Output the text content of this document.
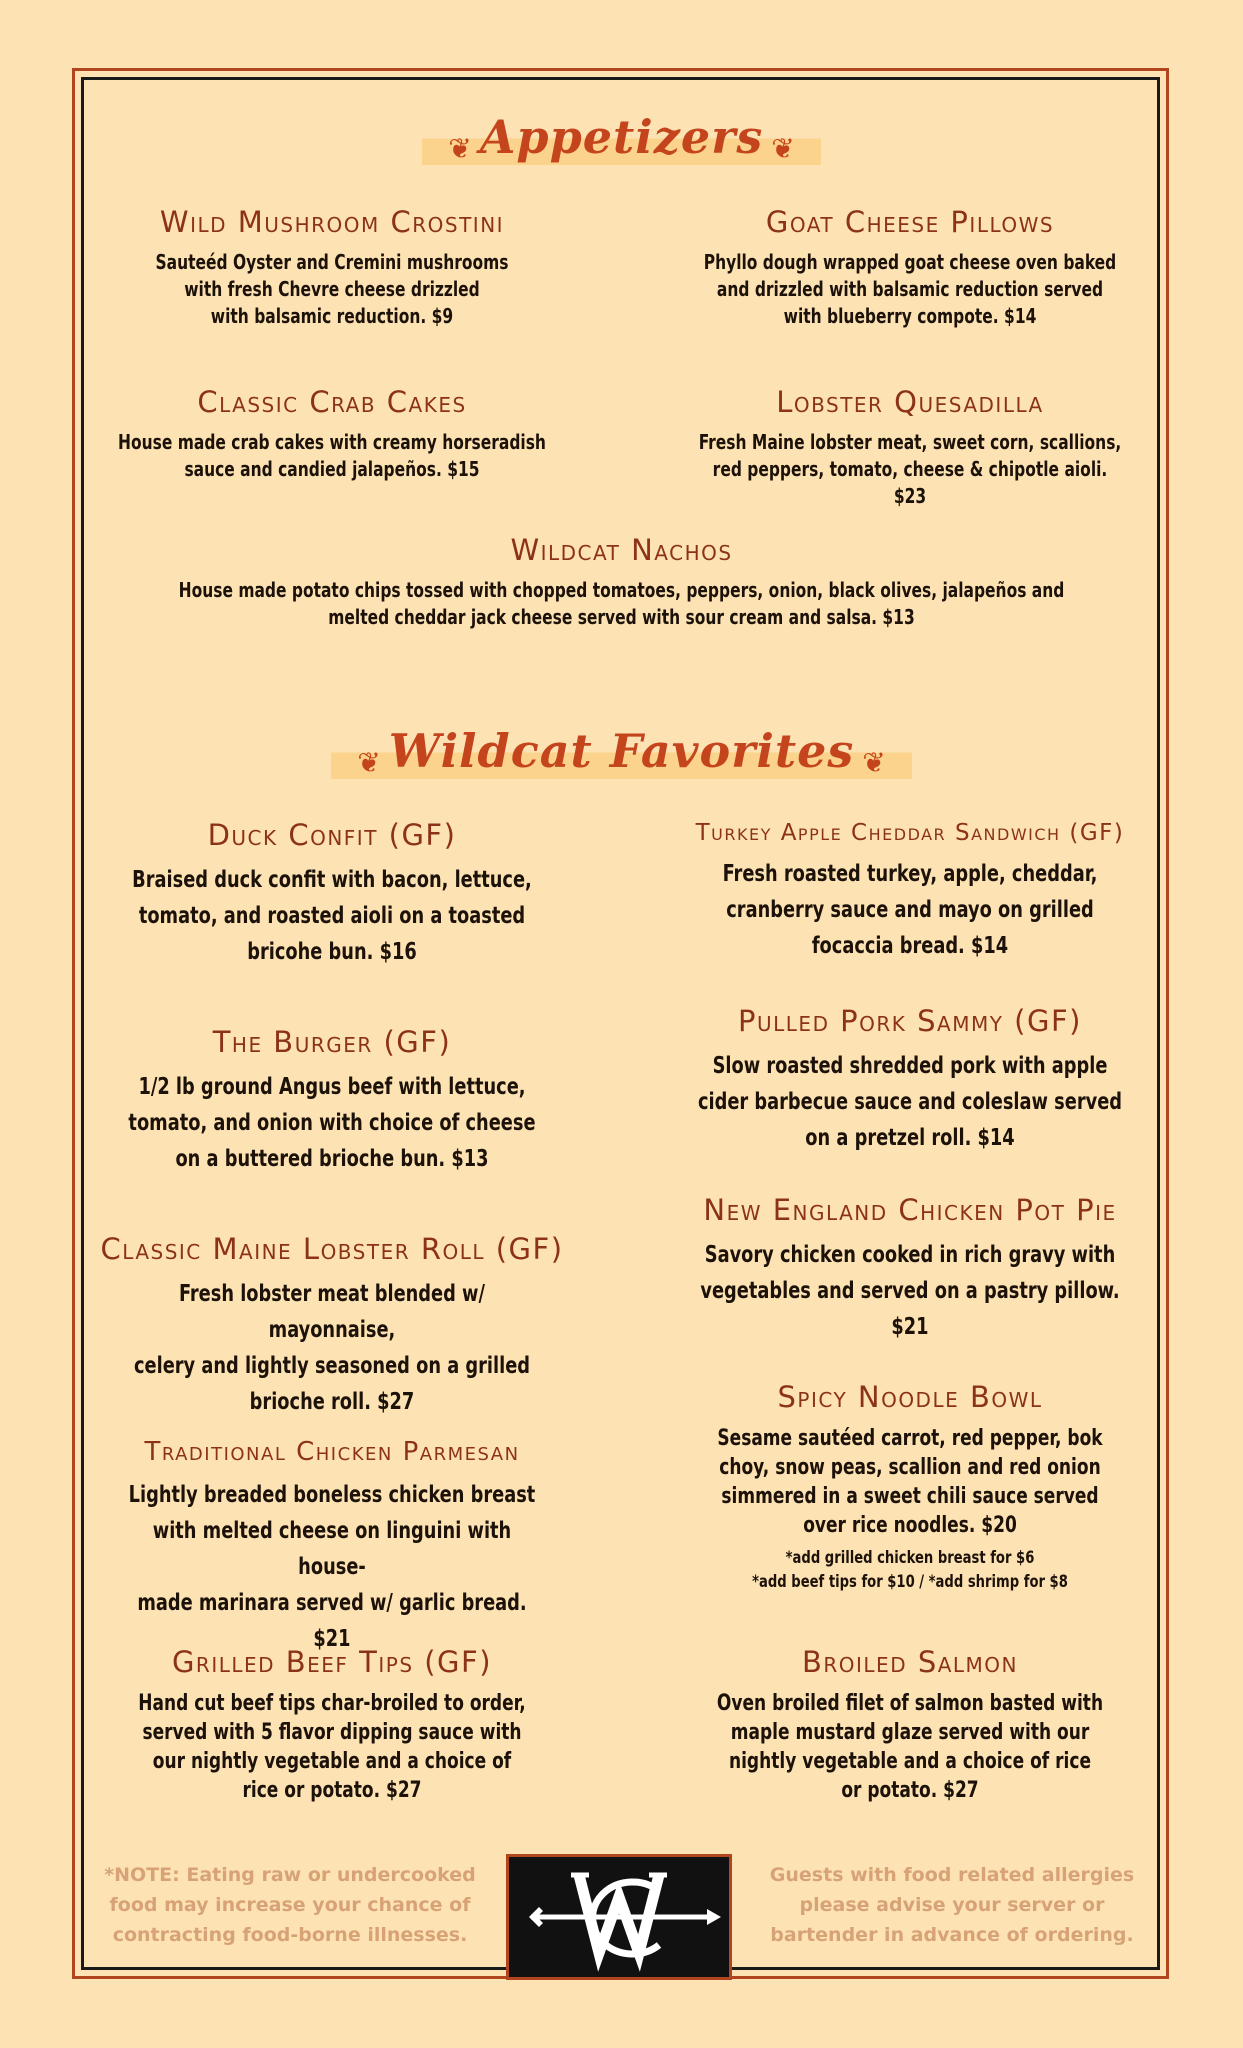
❦ Appetizers ❦
Wild Mushroom Crostini
Sauteéd Oyster and Cremini mushrooms
with fresh Chevre cheese drizzled
with balsamic reduction. $9
Goat Cheese Pillows
Phyllo dough wrapped goat cheese oven baked
and drizzled with balsamic reduction served
with blueberry compote. $14
Classic Crab Cakes
House made crab cakes with creamy horseradish
sauce and candied jalapeños. $15
Lobster Quesadilla
Fresh Maine lobster meat, sweet corn, scallions,
red peppers, tomato, cheese & chipotle aioli. $23
Wildcat Nachos
House made potato chips tossed with chopped tomatoes, peppers, onion, black olives, jalapeños and
melted cheddar jack cheese served with sour cream and salsa. $13
❦ Wildcat Favorites ❦
Duck Confit (GF)
Braised duck confit with bacon, lettuce,
tomato, and roasted aioli on a toasted
bricohe bun. $16
Turkey Apple Cheddar Sandwich (GF)
Fresh roasted turkey, apple, cheddar,
cranberry sauce and mayo on grilled
focaccia bread. $14
The Burger (GF)
1/2 lb ground Angus beef with lettuce,
tomato, and onion with choice of cheese
on a buttered brioche bun. $13
Pulled Pork Sammy (GF)
Slow roasted shredded pork with apple
cider barbecue sauce and coleslaw served
on a pretzel roll. $14
New England Chicken Pot Pie
Savory chicken cooked in rich gravy with
vegetables and served on a pastry pillow.
$21
Classic Maine Lobster Roll (GF)
Fresh lobster meat blended w/ mayonnaise,
celery and lightly seasoned on a grilled
brioche roll. $27	Spicy Noodle Bowl
Sesame sautéed carrot, red pepper, bok
choy, snow peas, scallion and red onion
simmered in a sweet chili sauce served
over rice noodles. $20
*add grilled chicken breast for $6
*add beef tips for $10 / *add shrimp for $8
Traditional Chicken Parmesan
Lightly breaded boneless chicken breast
with melted cheese on linguini with house-
made marinara served w/ garlic bread. $21
Grilled Beef Tips (GF)
Hand cut beef tips char-broiled to order,
served with 5 flavor dipping sauce with
our nightly vegetable and a choice of
rice or potato. $27
Broiled Salmon
Oven broiled filet of salmon basted with
maple mustard glaze served with our
nightly vegetable and a choice of rice
or potato. $27
*NOTE: Eating raw or undercooked
food may increase your chance of
contracting food-borne illnesses.
Guests with food related allergies
please advise your server or
bartender in advance of ordering.
